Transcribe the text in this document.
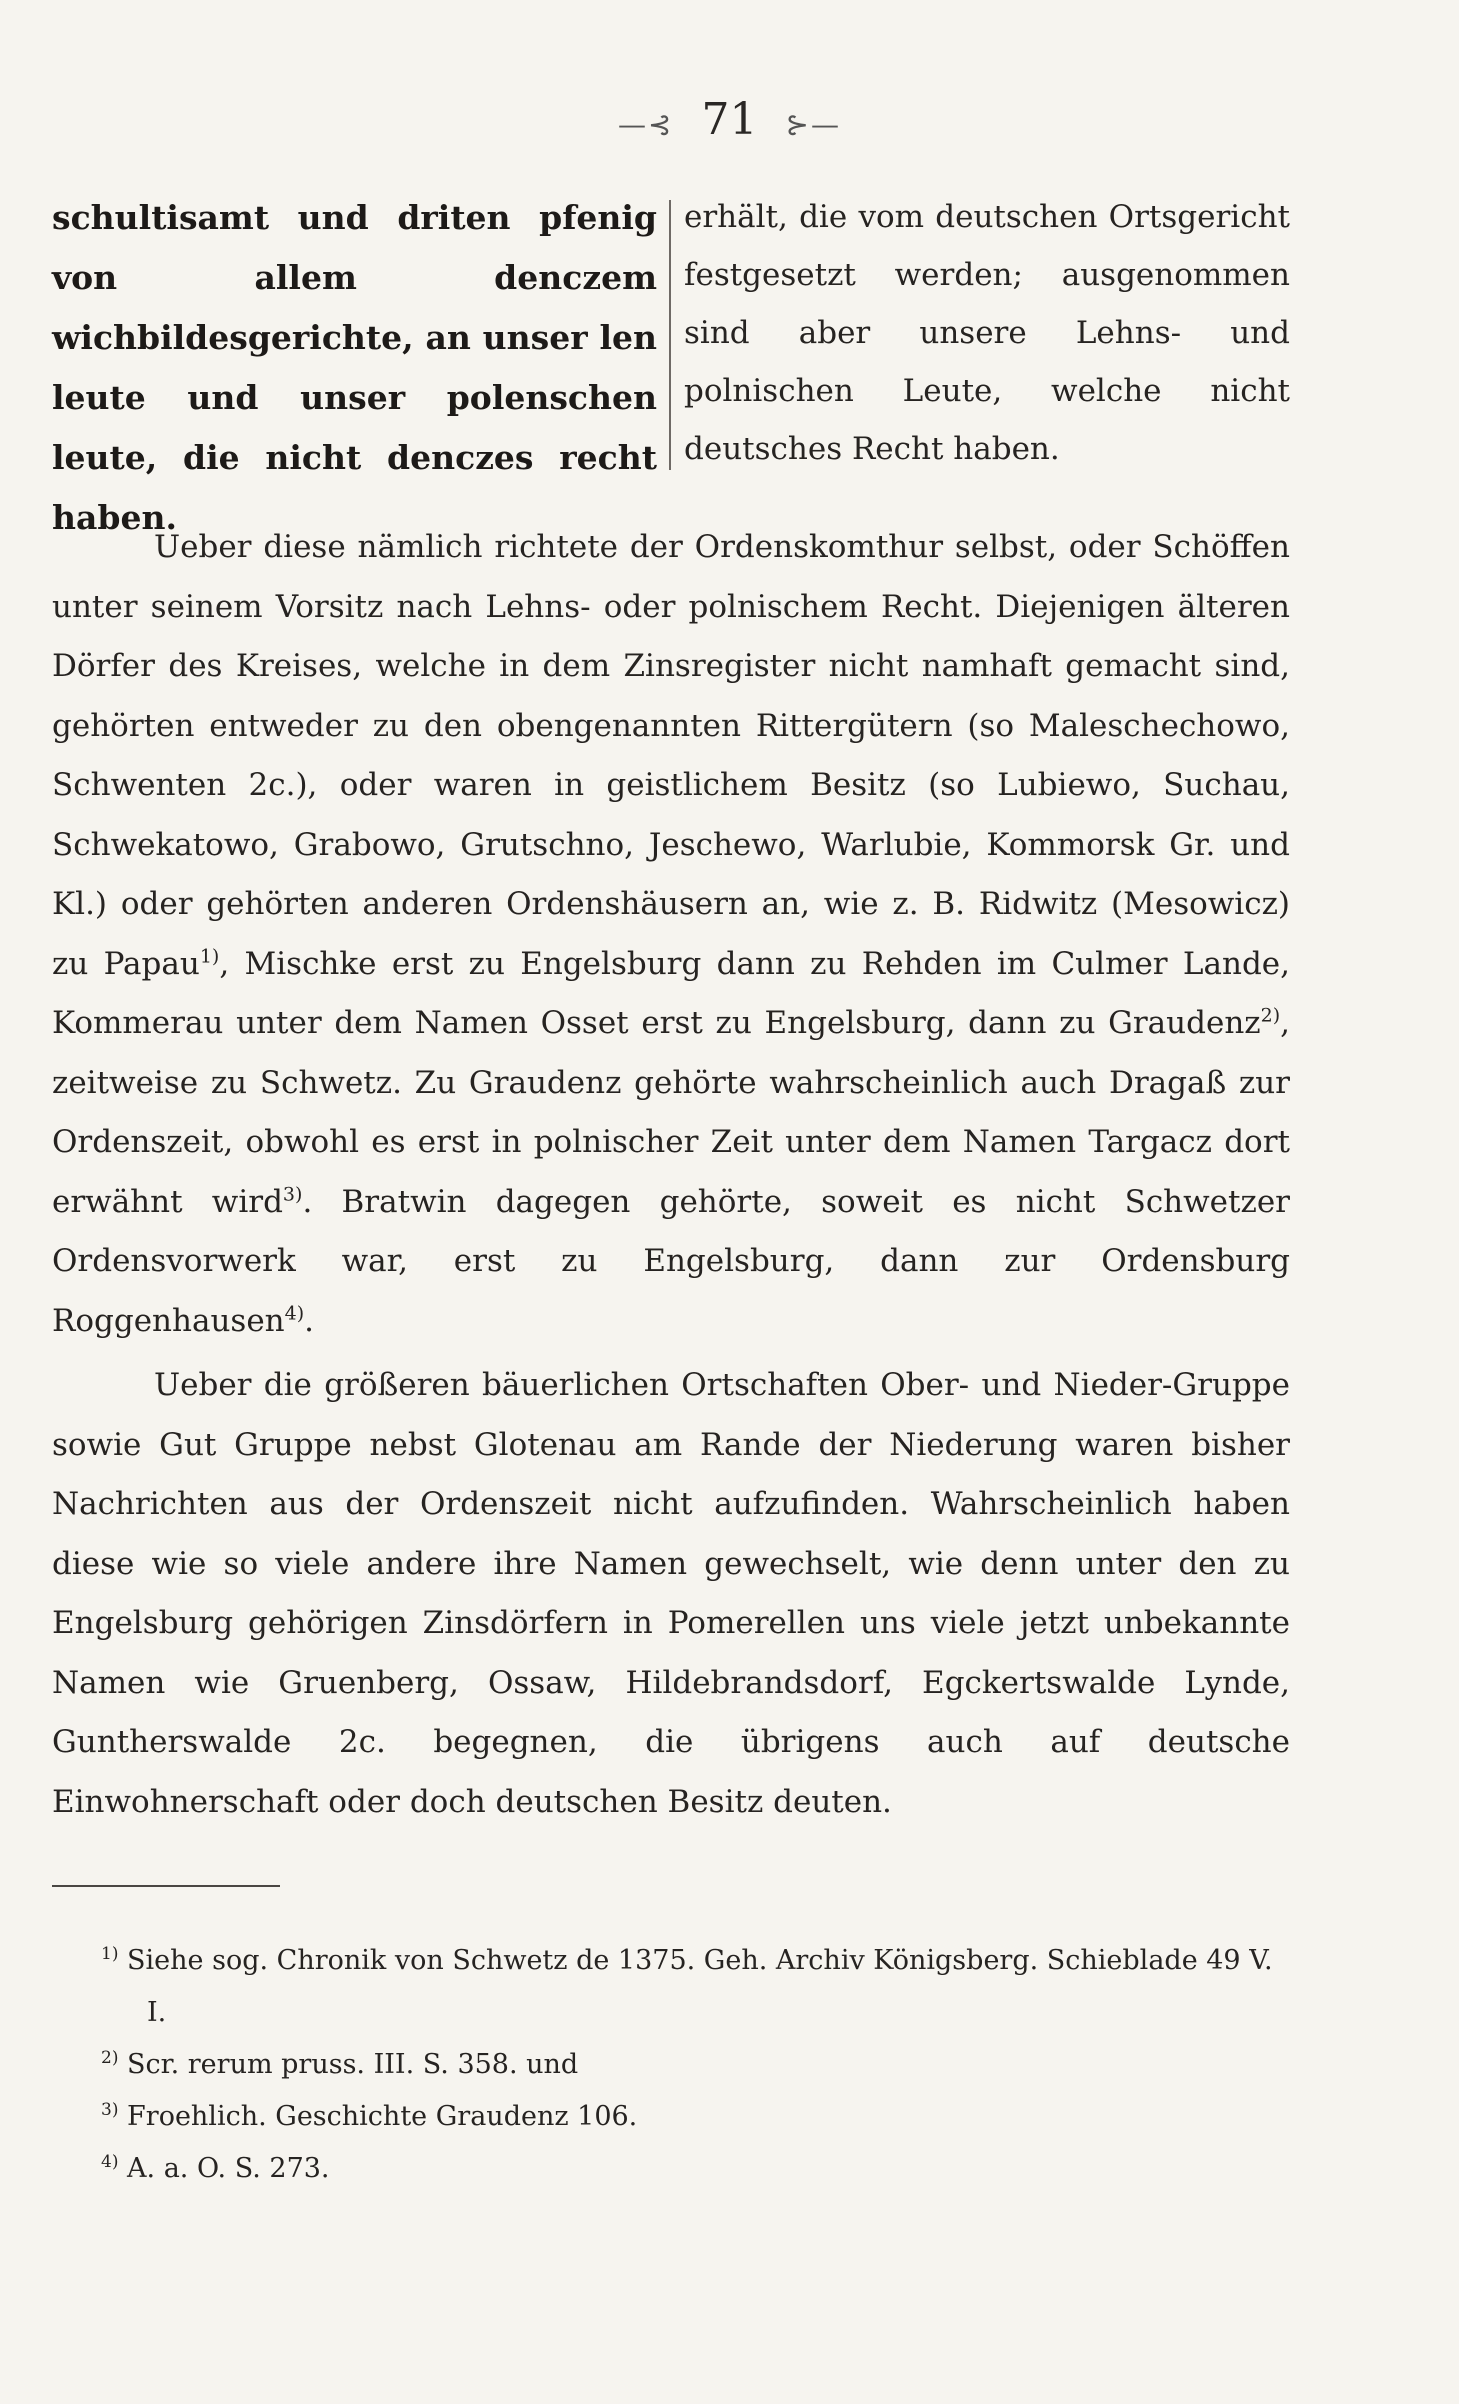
—⊰ 71 ⊱—
schultisamt und driten pfenig von allem denczem wichbildesgerichte, an unser len leute und unser polenschen leute, die nicht denczes recht haben.
erhält, die vom deutschen Ortsgericht festgesetzt werden; ausgenommen sind aber unsere Lehns- und polnischen Leute, welche nicht deutsches Recht haben.

Ueber diese nämlich richtete der Ordenskomthur selbst, oder Schöffen unter seinem Vorsitz nach Lehns- oder polnischem Recht. Diejenigen älteren Dörfer des Kreises, welche in dem Zinsregister nicht namhaft gemacht sind, gehörten entweder zu den obengenannten Rittergütern (so Maleschechowo, Schwenten 2c.), oder waren in geistlichem Besitz (so Lubiewo, Suchau, Schwekatowo, Grabowo, Grutschno, Jeschewo, Warlubie, Kommorsk Gr. und Kl.) oder gehörten anderen Ordenshäusern an, wie z. B. Ridwitz (Mesowicz) zu Papau$^{1)}$, Mischke erst zu Engelsburg dann zu Rehden im Culmer Lande, Kommerau unter dem Namen Osset erst zu Engelsburg, dann zu Graudenz$^{2)}$, zeitweise zu Schwetz. Zu Graudenz gehörte wahrscheinlich auch Dragaß zur Ordenszeit, obwohl es erst in polnischer Zeit unter dem Namen Targacz dort erwähnt wird$^{3)}$. Bratwin dagegen gehörte, soweit es nicht Schwetzer Ordensvorwerk war, erst zu Engelsburg, dann zur Ordensburg Roggenhausen$^{4)}$.

Ueber die größeren bäuerlichen Ortschaften Ober- und Nieder-Gruppe sowie Gut Gruppe nebst Glotenau am Rande der Niederung waren bisher Nachrichten aus der Ordenszeit nicht aufzufinden. Wahrscheinlich haben diese wie so viele andere ihre Namen gewechselt, wie denn unter den zu Engelsburg gehörigen Zinsdörfern in Pomerellen uns viele jetzt unbekannte Namen wie Gruenberg, Ossaw, Hildebrandsdorf, Egckertswalde Lynde, Guntherswalde 2c. begegnen, die übrigens auch auf deutsche Einwohnerschaft oder doch deutschen Besitz deuten.

$^{1)}$ Siehe sog. Chronik von Schwetz de 1375. Geh. Archiv Königsberg. Schieblade 49 V. I.

$^{2)}$ Scr. rerum pruss. III. S. 358. und

$^{3)}$ Froehlich. Geschichte Graudenz 106.

$^{4)}$ A. a. O. S. 273.
